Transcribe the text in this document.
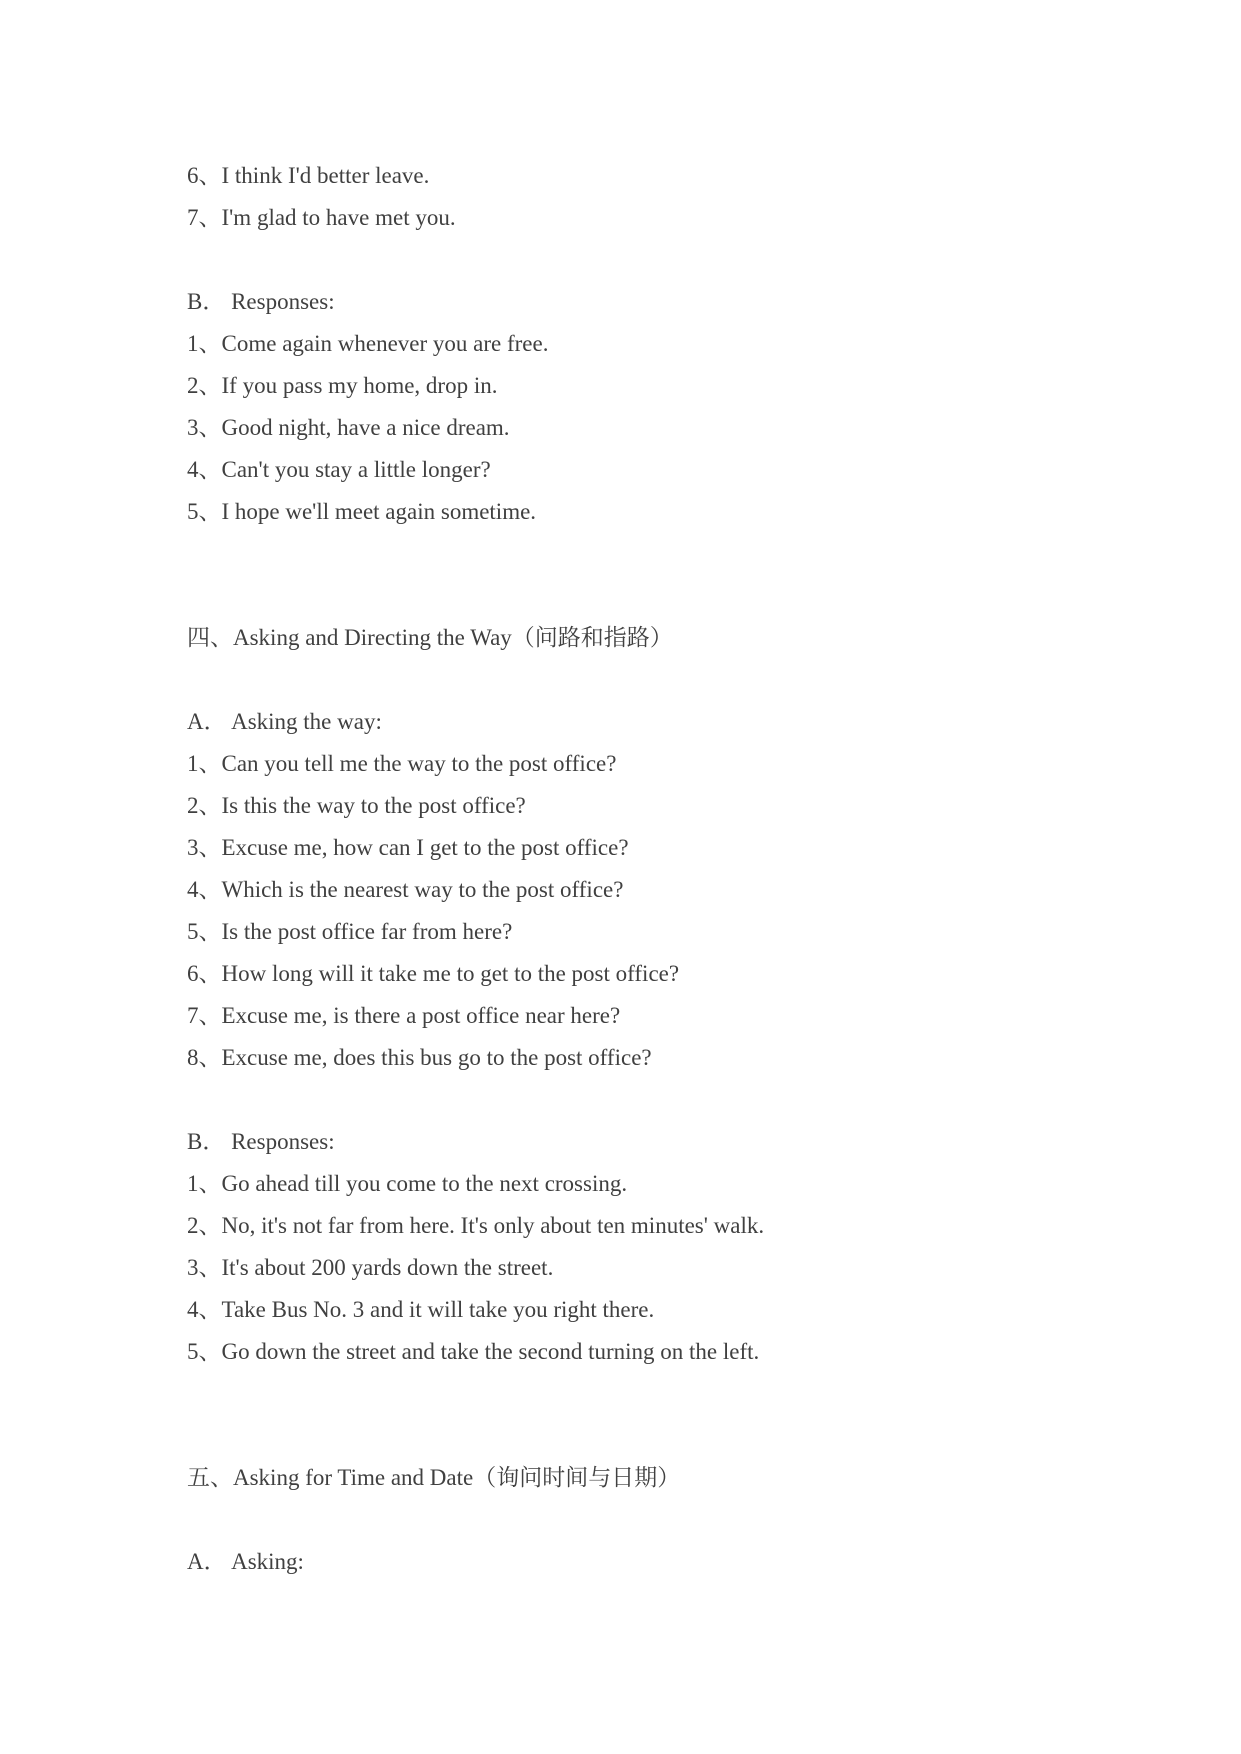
6、I think I'd better leave.
7、I'm glad to have met you.
B． Responses:
1、Come again whenever you are free.
2、If you pass my home, drop in.
3、Good night, have a nice dream.
4、Can't you stay a little longer?
5、I hope we'll meet again sometime.
四、Asking and Directing the Way（问路和指路）
A． Asking the way:
1、Can you tell me the way to the post office?
2、Is this the way to the post office?
3、Excuse me, how can I get to the post office?
4、Which is the nearest way to the post office?
5、Is the post office far from here?
6、How long will it take me to get to the post office?
7、Excuse me, is there a post office near here?
8、Excuse me, does this bus go to the post office?
B． Responses:
1、Go ahead till you come to the next crossing.
2、No, it's not far from here. It's only about ten minutes' walk.
3、It's about 200 yards down the street.
4、Take Bus No. 3 and it will take you right there.
5、Go down the street and take the second turning on the left.
五、Asking for Time and Date（询问时间与日期）
A． Asking:
